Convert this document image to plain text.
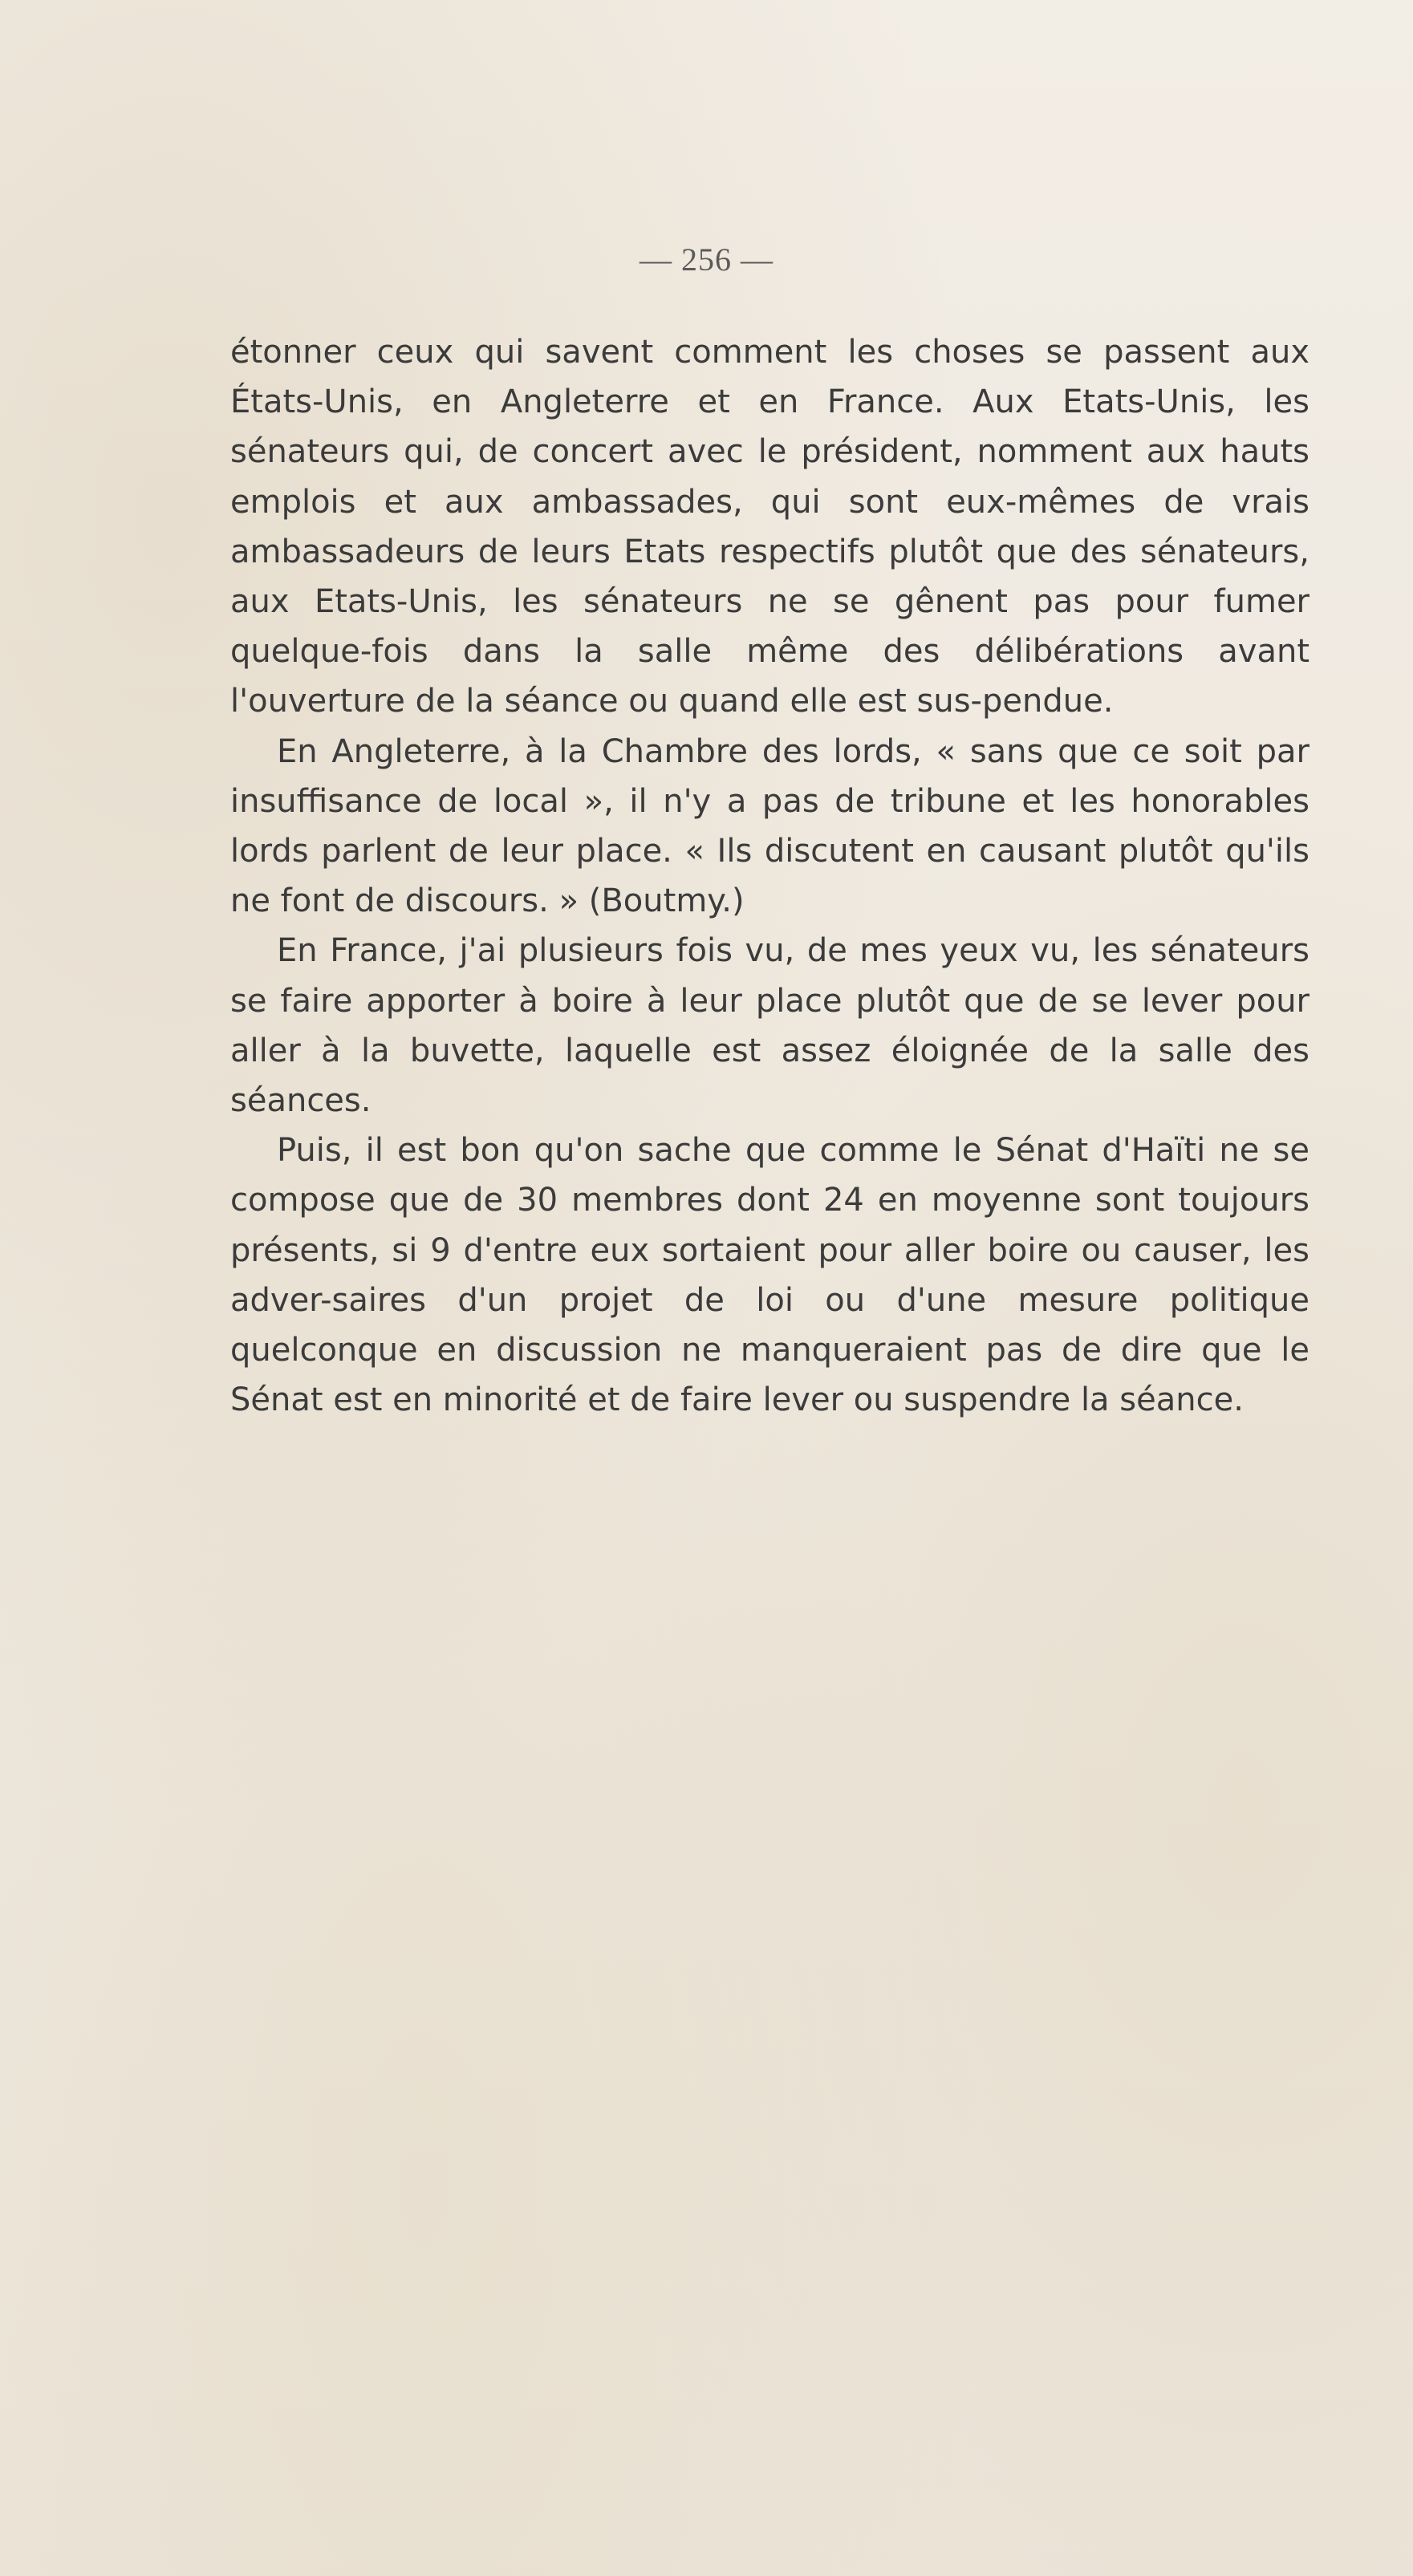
— 256 —

étonner ceux qui savent comment les choses se passent aux États-Unis, en Angleterre et en France. Aux Etats-Unis, les sénateurs qui, de concert avec le président, nomment aux hauts emplois et aux ambassades, qui sont eux-mêmes de vrais ambassadeurs de leurs Etats respectifs plutôt que des sénateurs, aux Etats-Unis, les sénateurs ne se gênent pas pour fumer quelque-fois dans la salle même des délibérations avant l'ouverture de la séance ou quand elle est sus-pendue.

En Angleterre, à la Chambre des lords, « sans que ce soit par insuffisance de local », il n'y a pas de tribune et les honorables lords parlent de leur place. « Ils discutent en causant plutôt qu'ils ne font de discours. » (Boutmy.)

En France, j'ai plusieurs fois vu, de mes yeux vu, les sénateurs se faire apporter à boire à leur place plutôt que de se lever pour aller à la buvette, laquelle est assez éloignée de la salle des séances.

Puis, il est bon qu'on sache que comme le Sénat d'Haïti ne se compose que de 30 membres dont 24 en moyenne sont toujours présents, si 9 d'entre eux sortaient pour aller boire ou causer, les adver-saires d'un projet de loi ou d'une mesure politique quelconque en discussion ne manqueraient pas de dire que le Sénat est en minorité et de faire lever ou suspendre la séance.
